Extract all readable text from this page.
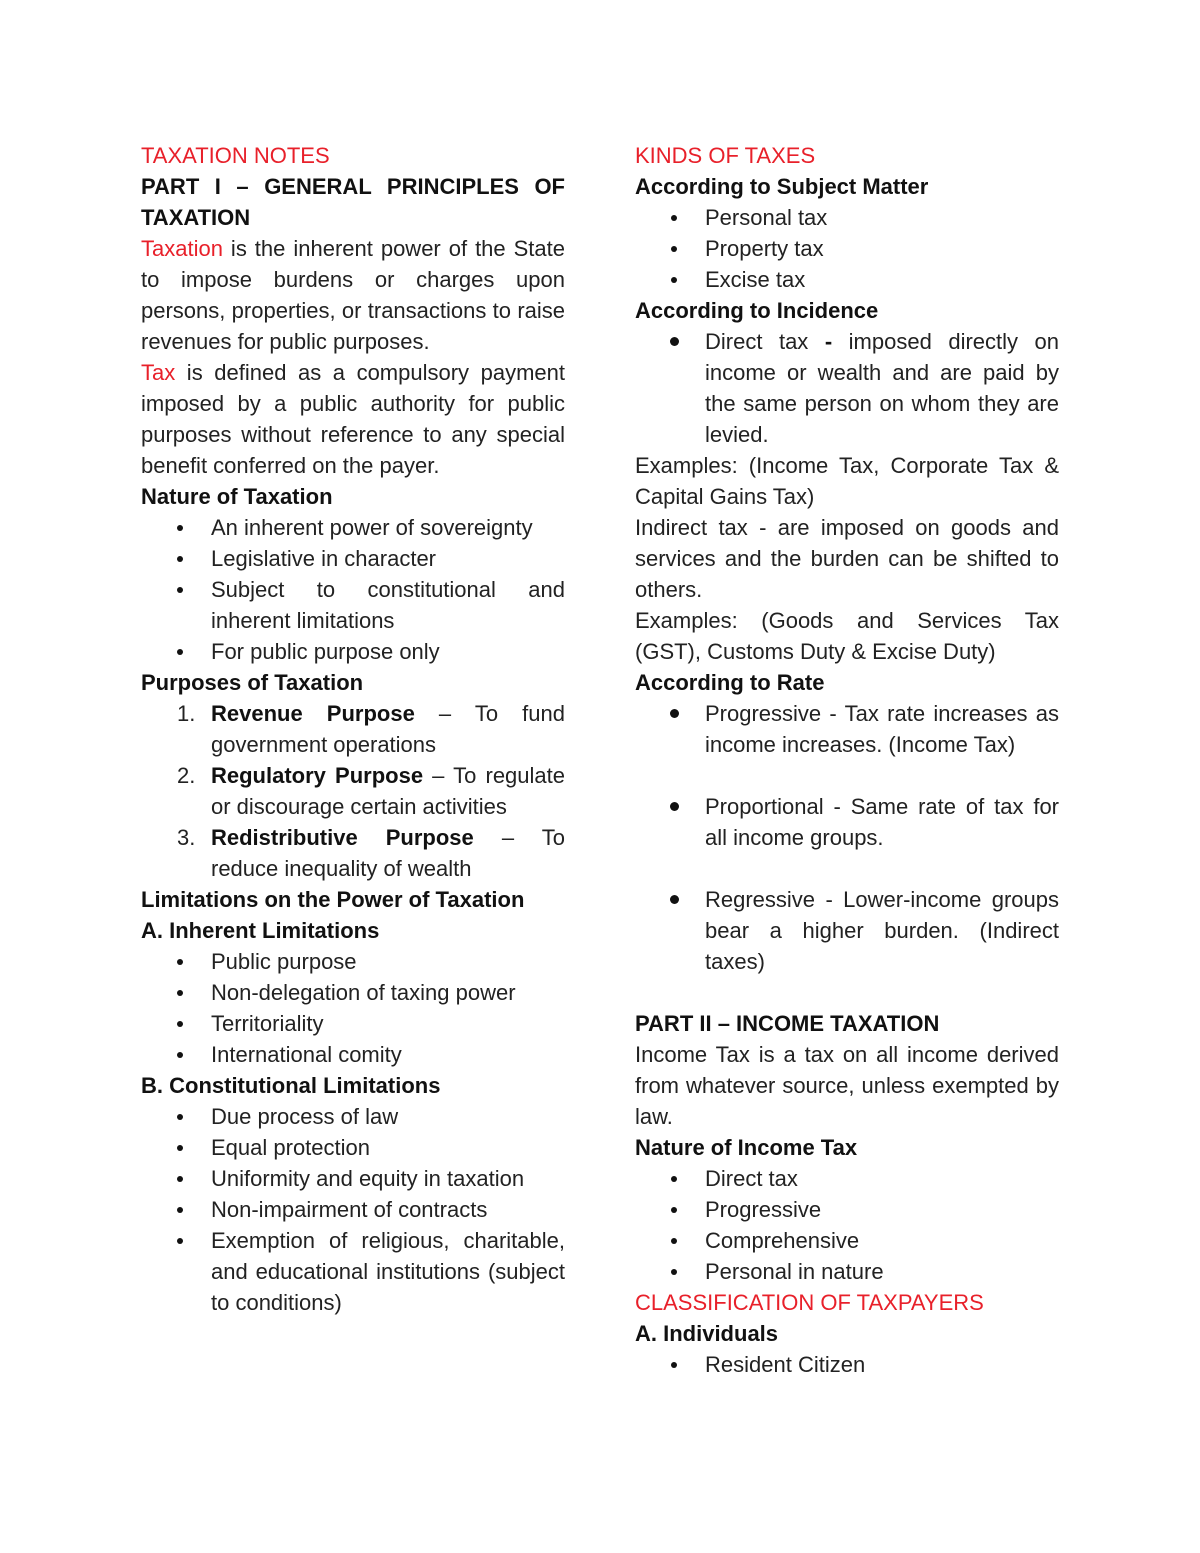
TAXATION NOTES

PART I – GENERAL PRINCIPLES OF TAXATION

Taxation is the inherent power of the State to impose burdens or charges upon persons, properties, or transactions to raise revenues for public purposes.

Tax is defined as a compulsory payment imposed by a public authority for public purposes without reference to any special benefit conferred on the payer.

Nature of Taxation

An inherent power of sovereignty
Legislative in character
Subject to constitutional and inherent limitations
For public purpose only

Purposes of Taxation

1. Revenue Purpose – To fund government operations
2. Regulatory Purpose – To regulate or discourage certain activities
3. Redistributive Purpose – To reduce inequality of wealth

Limitations on the Power of Taxation

A. Inherent Limitations

Public purpose
Non-delegation of taxing power
Territoriality
International comity

B. Constitutional Limitations

Due process of law
Equal protection
Uniformity and equity in taxation
Non-impairment of contracts
Exemption of religious, charitable, and educational institutions (subject to conditions)

KINDS OF TAXES

According to Subject Matter

Personal tax
Property tax
Excise tax

According to Incidence

Direct tax - imposed directly on income or wealth and are paid by the same person on whom they are levied.

Examples: (Income Tax, Corporate Tax & Capital Gains Tax)

Indirect tax - are imposed on goods and services and the burden can be shifted to others.

Examples: (Goods and Services Tax (GST), Customs Duty & Excise Duty)

According to Rate

Progressive - Tax rate increases as income increases. (Income Tax)
Proportional - Same rate of tax for all income groups.
Regressive - Lower-income groups bear a higher burden. (Indirect taxes)

PART II – INCOME TAXATION

Income Tax is a tax on all income derived from whatever source, unless exempted by law.

Nature of Income Tax

Direct tax
Progressive
Comprehensive
Personal in nature

CLASSIFICATION OF TAXPAYERS

A. Individuals

Resident Citizen
